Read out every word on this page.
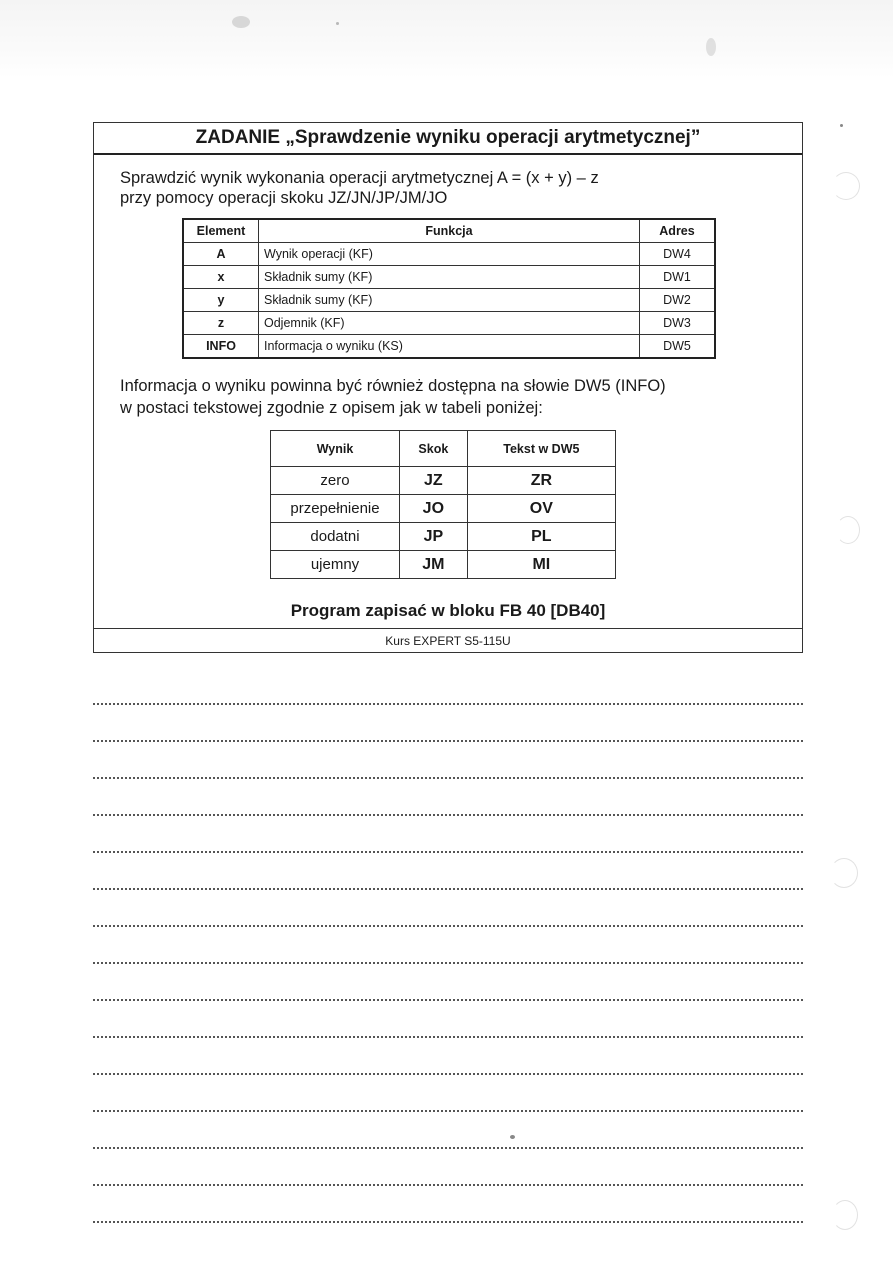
ZADANIE „Sprawdzenie wyniku operacji arytmetycznej”
Sprawdzić wynik wykonania operacji arytmetycznej A = (x + y) – z
przy pomocy operacji skoku JZ/JN/JP/JM/JO
Element	Funkcja	Adres
A	Wynik operacji (KF)	DW4
x	Składnik sumy (KF)	DW1
y	Składnik sumy (KF)	DW2
z	Odjemnik (KF)	DW3
INFO	Informacja o wyniku (KS)	DW5
Informacja o wyniku powinna być również dostępna na słowie DW5 (INFO)
w postaci tekstowej zgodnie z opisem jak w tabeli poniżej:
Wynik	Skok	Tekst w DW5
zero	JZ	ZR
przepełnienie	JO	OV
dodatni	JP	PL
ujemny	JM	MI
Program zapisać w bloku FB 40 [DB40]
Kurs EXPERT S5-115U
